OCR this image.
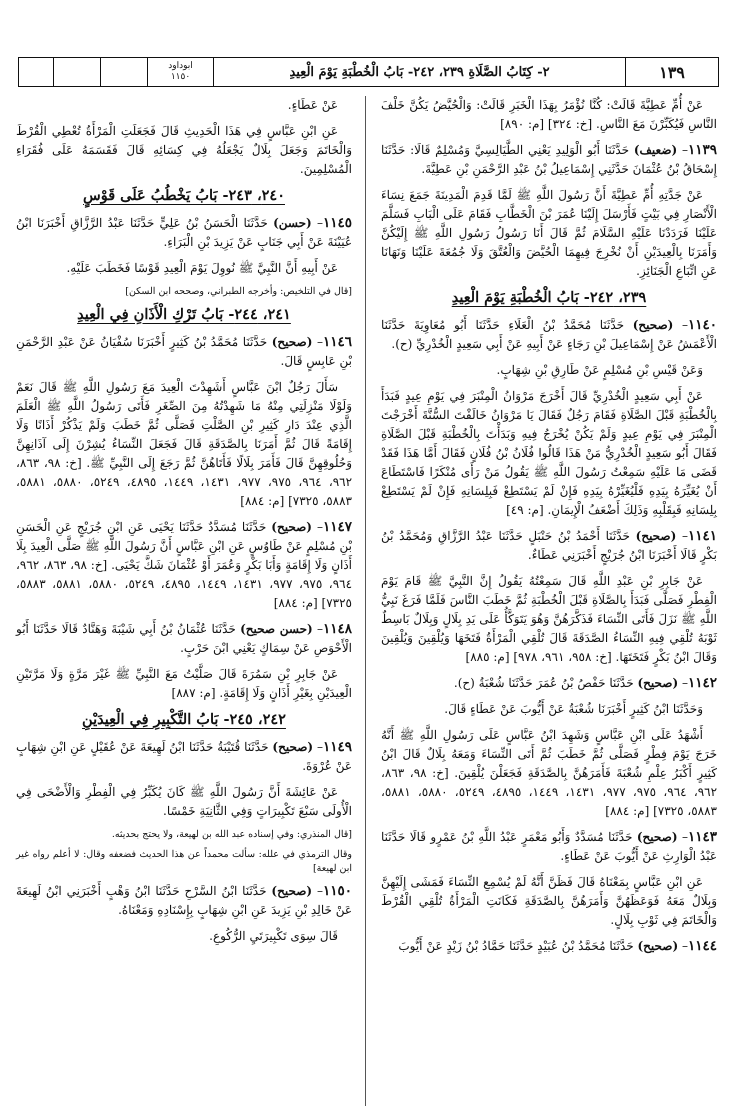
١٣٩
٢- كِتَابُ الصَّلَاةِ ٢٣٩، ٢٤٢- بَابُ الْخُطْبَةِ يَوْمَ الْعِيدِ
ابوداود
١١٥٠

عَنْ أُمِّ عَطِيَّةَ قَالَتْ: كُنَّا نُؤْمَرُ بِهَذَا الْخَبَرِ قَالَتْ: وَالْحُيَّضُ يَكُنَّ خَلْفَ النَّاسِ فَيُكَبِّرْنَ مَعَ النَّاسِ. [خ: ٣٢٤] [م: ٨٩٠]

١١٣٩– (ضعيف) حَدَّثَنَا أَبُو الْوَلِيدِ يَعْنِي الطَّيَالِسِيَّ وَمُسْلِمٌ قَالَا: حَدَّثَنَا إِسْحَاقُ بْنُ عُثْمَانَ حَدَّثَنِي إِسْمَاعِيلُ بْنُ عَبْدِ الرَّحْمَنِ بْنِ عَطِيَّةَ.

عَنْ جَدَّتِهِ أُمِّ عَطِيَّةَ أَنَّ رَسُولَ اللَّهِ ﷺ لَمَّا قَدِمَ الْمَدِينَةَ جَمَعَ نِسَاءَ الْأَنْصَارِ فِي بَيْتٍ فَأَرْسَلَ إِلَيْنَا عُمَرَ بْنَ الْخَطَّابِ فَقَامَ عَلَى الْبَابِ فَسَلَّمَ عَلَيْنَا فَرَدَدْنَا عَلَيْهِ السَّلَامَ ثُمَّ قَالَ أَنَا رَسُولُ رَسُولِ اللَّهِ ﷺ إِلَيْكُنَّ وَأَمَرَنَا بِالْعِيدَيْنِ أَنْ نُخْرِجَ فِيهِمَا الْحُيَّضَ وَالْعُتَّقَ وَلَا جُمُعَةَ عَلَيْنَا وَنَهَانَا عَنِ اتِّبَاعِ الْجَنَائِزِ.

٢٣٩، ٢٤٢- بَابُ الْخُطْبَةِ يَوْمَ الْعِيدِ

١١٤٠– (صحيح) حَدَّثَنَا مُحَمَّدُ بْنُ الْعَلَاءِ حَدَّثَنَا أَبُو مُعَاوِيَةَ حَدَّثَنَا الْأَعْمَشُ عَنْ إِسْمَاعِيلَ بْنِ رَجَاءٍ عَنْ أَبِيهِ عَنْ أَبِي سَعِيدٍ الْخُدْرِيِّ (ح).

وَعَنْ قَيْسِ بْنِ مُسْلِمٍ عَنْ طَارِقِ بْنِ شِهَابٍ.

عَنْ أَبِي سَعِيدٍ الْخُدْرِيِّ قَالَ أَخْرَجَ مَرْوَانُ الْمِنْبَرَ فِي يَوْمِ عِيدٍ فَبَدَأَ بِالْخُطْبَةِ قَبْلَ الصَّلَاةِ فَقَامَ رَجُلٌ فَقَالَ يَا مَرْوَانُ خَالَفْتَ السُّنَّةَ أَخْرَجْتَ الْمِنْبَرَ فِي يَوْمِ عِيدٍ وَلَمْ يَكُنْ يُخْرَجُ فِيهِ وَبَدَأْتَ بِالْخُطْبَةِ قَبْلَ الصَّلَاةِ فَقَالَ أَبُو سَعِيدٍ الْخُدْرِيُّ مَنْ هَذَا قَالُوا فُلَانُ بْنُ فُلَانٍ فَقَالَ أَمَّا هَذَا فَقَدْ قَضَى مَا عَلَيْهِ سَمِعْتُ رَسُولَ اللَّهِ ﷺ يَقُولُ مَنْ رَأَى مُنْكَرًا فَاسْتَطَاعَ أَنْ يُغَيِّرَهُ بِيَدِهِ فَلْيُغَيِّرْهُ بِيَدِهِ فَإِنْ لَمْ يَسْتَطِعْ فَبِلِسَانِهِ فَإِنْ لَمْ يَسْتَطِعْ بِلِسَانِهِ فَبِقَلْبِهِ وَذَلِكَ أَضْعَفُ الْإِيمَانِ. [م: ٤٩]

١١٤١– (صحيح) حَدَّثَنَا أَحْمَدُ بْنُ حَنْبَلٍ حَدَّثَنَا عَبْدُ الرَّزَّاقِ وَمُحَمَّدُ بْنُ بَكْرٍ قَالَا أَخْبَرَنَا ابْنُ جُرَيْجٍ أَخْبَرَنِي عَطَاءٌ.

عَنْ جَابِرِ بْنِ عَبْدِ اللَّهِ قَالَ سَمِعْتُهُ يَقُولُ إِنَّ النَّبِيَّ ﷺ قَامَ يَوْمَ الْفِطْرِ فَصَلَّى فَبَدَأَ بِالصَّلَاةِ قَبْلَ الْخُطْبَةِ ثُمَّ خَطَبَ النَّاسَ فَلَمَّا فَرَغَ نَبِيُّ اللَّهِ ﷺ نَزَلَ فَأَتَى النِّسَاءَ فَذَكَّرَهُنَّ وَهُوَ يَتَوَكَّأُ عَلَى يَدِ بِلَالٍ وَبِلَالٌ بَاسِطٌ ثَوْبَهُ تُلْقِي فِيهِ النِّسَاءُ الصَّدَقَةَ قَالَ تُلْقِي الْمَرْأَةُ فَتَخَهَا وَيُلْقِينَ وَيُلْقِينَ وَقَالَ ابْنُ بَكْرٍ فَتَخَتَهَا. [خ: ٩٥٨، ٩٦١، ٩٧٨] [م: ٨٨٥]

١١٤٢– (صحيح) حَدَّثَنَا حَفْصُ بْنُ عُمَرَ حَدَّثَنَا شُعْبَةُ (ح).

وَحَدَّثَنَا ابْنُ كَثِيرٍ أَخْبَرَنَا شُعْبَةُ عَنْ أَيُّوبَ عَنْ عَطَاءٍ قَالَ.

أَشْهَدُ عَلَى ابْنِ عَبَّاسٍ وَشَهِدَ ابْنُ عَبَّاسٍ عَلَى رَسُولِ اللَّهِ ﷺ أَنَّهُ خَرَجَ يَوْمَ فِطْرٍ فَصَلَّى ثُمَّ خَطَبَ ثُمَّ أَتَى النِّسَاءَ وَمَعَهُ بِلَالٌ قَالَ ابْنُ كَثِيرٍ أَكْبَرُ عِلْمِ شُعْبَةَ فَأَمَرَهُنَّ بِالصَّدَقَةِ فَجَعَلْنَ يُلْقِينَ. [خ: ٩٨، ٨٦٣، ٩٦٢، ٩٦٤، ٩٧٥، ٩٧٧، ١٤٣١، ١٤٤٩، ٤٨٩٥، ٥٢٤٩، ٥٨٨٠، ٥٨٨١، ٥٨٨٣، ٧٣٢٥] [م: ٨٨٤]

١١٤٣– (صحيح) حَدَّثَنَا مُسَدَّدٌ وَأَبُو مَعْمَرٍ عَبْدُ اللَّهِ بْنُ عَمْرٍو قَالَا حَدَّثَنَا عَبْدُ الْوَارِثِ عَنْ أَيُّوبَ عَنْ عَطَاءٍ.

عَنِ ابْنِ عَبَّاسٍ بِمَعْنَاهُ قَالَ فَظَنَّ أَنَّهُ لَمْ يُسْمِعِ النِّسَاءَ فَمَشَى إِلَيْهِنَّ وَبِلَالٌ مَعَهُ فَوَعَظَهُنَّ وَأَمَرَهُنَّ بِالصَّدَقَةِ فَكَانَتِ الْمَرْأَةُ تُلْقِي الْقُرْطَ وَالْخَاتَمَ فِي ثَوْبِ بِلَالٍ.

١١٤٤– (صحيح) حَدَّثَنَا مُحَمَّدُ بْنُ عُبَيْدٍ حَدَّثَنَا حَمَّادُ بْنُ زَيْدٍ عَنْ أَيُّوبَ

عَنْ عَطَاءٍ.

عَنِ ابْنِ عَبَّاسٍ فِي هَذَا الْحَدِيثِ قَالَ فَجَعَلَتِ الْمَرْأَةُ تُعْطِي الْقُرْطَ وَالْخَاتَمَ وَجَعَلَ بِلَالٌ يَجْعَلُهُ فِي كِسَائِهِ قَالَ فَقَسَمَهُ عَلَى فُقَرَاءِ الْمُسْلِمِينَ.

٢٤٠، ٢٤٣- بَابُ يَخْطُبُ عَلَى قَوْسٍ

١١٤٥– (حسن) حَدَّثَنَا الْحَسَنُ بْنُ عَلِيٍّ حَدَّثَنَا عَبْدُ الرَّزَّاقِ أَخْبَرَنَا ابْنُ عُيَيْنَةَ عَنْ أَبِي جَنَابٍ عَنْ يَزِيدَ بْنِ الْبَرَاءِ.

عَنْ أَبِيهِ أَنَّ النَّبِيَّ ﷺ نُووِلَ يَوْمَ الْعِيدِ قَوْسًا فَخَطَبَ عَلَيْهِ.

[قال في التلخيص: وأخرجه الطبراني، وصححه ابن السكن]

٢٤١، ٢٤٤- بَابُ تَرْكِ الْأَذَانِ فِي الْعِيدِ

١١٤٦– (صحيح) حَدَّثَنَا مُحَمَّدُ بْنُ كَثِيرٍ أَخْبَرَنَا سُفْيَانُ عَنْ عَبْدِ الرَّحْمَنِ بْنِ عَابِسٍ قَالَ.

سَأَلَ رَجُلٌ ابْنَ عَبَّاسٍ أَشَهِدْتَ الْعِيدَ مَعَ رَسُولِ اللَّهِ ﷺ قَالَ نَعَمْ وَلَوْلَا مَنْزِلَتِي مِنْهُ مَا شَهِدْتُهُ مِنَ الصِّغَرِ فَأَتَى رَسُولُ اللَّهِ ﷺ الْعَلَمَ الَّذِي عِنْدَ دَارِ كَثِيرِ بْنِ الصَّلْتِ فَصَلَّى ثُمَّ خَطَبَ وَلَمْ يَذْكُرْ أَذَانًا وَلَا إِقَامَةً قَالَ ثُمَّ أَمَرَنَا بِالصَّدَقَةِ قَالَ فَجَعَلَ النِّسَاءُ يُشِرْنَ إِلَى آذَانِهِنَّ وَحُلُوقِهِنَّ قَالَ فَأَمَرَ بِلَالًا فَأَتَاهُنَّ ثُمَّ رَجَعَ إِلَى النَّبِيِّ ﷺ. [خ: ٩٨، ٨٦٣، ٩٦٢، ٩٦٤، ٩٧٥، ٩٧٧، ١٤٣١، ١٤٤٩، ٤٨٩٥، ٥٢٤٩، ٥٨٨٠، ٥٨٨١، ٥٨٨٣، ٧٣٢٥] [م: ٨٨٤]

١١٤٧– (صحيح) حَدَّثَنَا مُسَدَّدٌ حَدَّثَنَا يَحْيَى عَنِ ابْنِ جُرَيْجٍ عَنِ الْحَسَنِ بْنِ مُسْلِمٍ عَنْ طَاوُسٍ عَنِ ابْنِ عَبَّاسٍ أَنَّ رَسُولَ اللَّهِ ﷺ صَلَّى الْعِيدَ بِلَا أَذَانٍ وَلَا إِقَامَةٍ وَأَبَا بَكْرٍ وَعُمَرَ أَوْ عُثْمَانَ شَكَّ يَحْيَى. [خ: ٩٨، ٨٦٣، ٩٦٢، ٩٦٤، ٩٧٥، ٩٧٧، ١٤٣١، ١٤٤٩، ٤٨٩٥، ٥٢٤٩، ٥٨٨٠، ٥٨٨١، ٥٨٨٣، ٧٣٢٥] [م: ٨٨٤]

١١٤٨– (حسن صحيح) حَدَّثَنَا عُثْمَانُ بْنُ أَبِي شَيْبَةَ وَهَنَّادٌ قَالَا حَدَّثَنَا أَبُو الْأَحْوَصِ عَنْ سِمَاكٍ يَعْنِي ابْنَ حَرْبٍ.

عَنْ جَابِرِ بْنِ سَمُرَةَ قَالَ صَلَّيْتُ مَعَ النَّبِيِّ ﷺ غَيْرَ مَرَّةٍ وَلَا مَرَّتَيْنِ الْعِيدَيْنِ بِغَيْرِ أَذَانٍ وَلَا إِقَامَةٍ. [م: ٨٨٧]

٢٤٢، ٢٤٥- بَابُ التَّكْبِيرِ فِي الْعِيدَيْنِ

١١٤٩– (صحيح) حَدَّثَنَا قُتَيْبَةُ حَدَّثَنَا ابْنُ لَهِيعَةَ عَنْ عُقَيْلٍ عَنِ ابْنِ شِهَابٍ عَنْ عُرْوَةَ.

عَنْ عَائِشَةَ أَنَّ رَسُولَ اللَّهِ ﷺ كَانَ يُكَبِّرُ فِي الْفِطْرِ وَالْأَضْحَى فِي الْأُولَى سَبْعَ تَكْبِيرَاتٍ وَفِي الثَّانِيَةِ خَمْسًا.

[قال المنذري: وفي إسناده عبد الله بن لهيعة، ولا يحتج بحديثه.

وقال الترمذي في علله: سألت محمداً عن هذا الحديث فضعفه وقال: لا أعلم رواه غير ابن لهيعة]

١١٥٠– (صحيح) حَدَّثَنَا ابْنُ السَّرْحِ حَدَّثَنَا ابْنُ وَهْبٍ أَخْبَرَنِي ابْنُ لَهِيعَةَ عَنْ خَالِدِ بْنِ يَزِيدَ عَنِ ابْنِ شِهَابٍ بِإِسْنَادِهِ وَمَعْنَاهُ.

قَالَ سِوَى تَكْبِيرَتَيِ الرُّكُوعِ.
